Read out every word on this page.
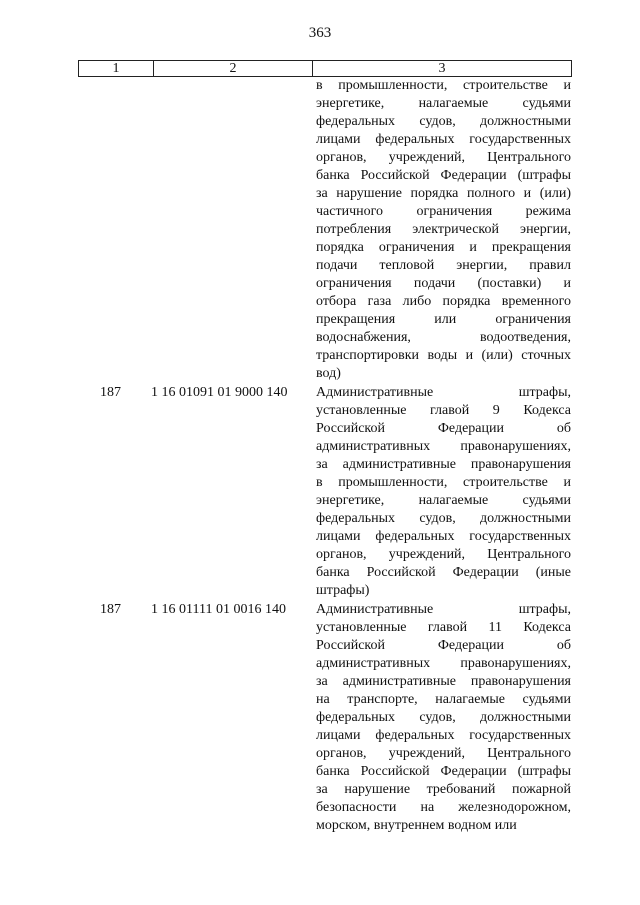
363
1	2	3
в промышленности, строительстве и
энергетике, налагаемые судьями
федеральных судов, должностными
лицами федеральных государственных
органов, учреждений, Центрального
банка Российской Федерации (штрафы
за нарушение порядка полного и (или)
частичного ограничения режима
потребления электрической энергии,
порядка ограничения и прекращения
подачи тепловой энергии, правил
ограничения подачи (поставки) и
отбора газа либо порядка временного
прекращения или ограничения
водоснабжения, водоотведения,
транспортировки воды и (или) сточных
вод)
187 1 16 01091 01 9000 140 Административные штрафы,
установленные главой 9 Кодекса
Российской Федерации об
административных правонарушениях,
за административные правонарушения
в промышленности, строительстве и
энергетике, налагаемые судьями
федеральных судов, должностными
лицами федеральных государственных
органов, учреждений, Центрального
банка Российской Федерации (иные
штрафы)
187 1 16 01111 01 0016 140 Административные штрафы,
установленные главой 11 Кодекса
Российской Федерации об
административных правонарушениях,
за административные правонарушения
на транспорте, налагаемые судьями
федеральных судов, должностными
лицами федеральных государственных
органов, учреждений, Центрального
банка Российской Федерации (штрафы
за нарушение требований пожарной
безопасности на железнодорожном,
морском, внутреннем водном или
